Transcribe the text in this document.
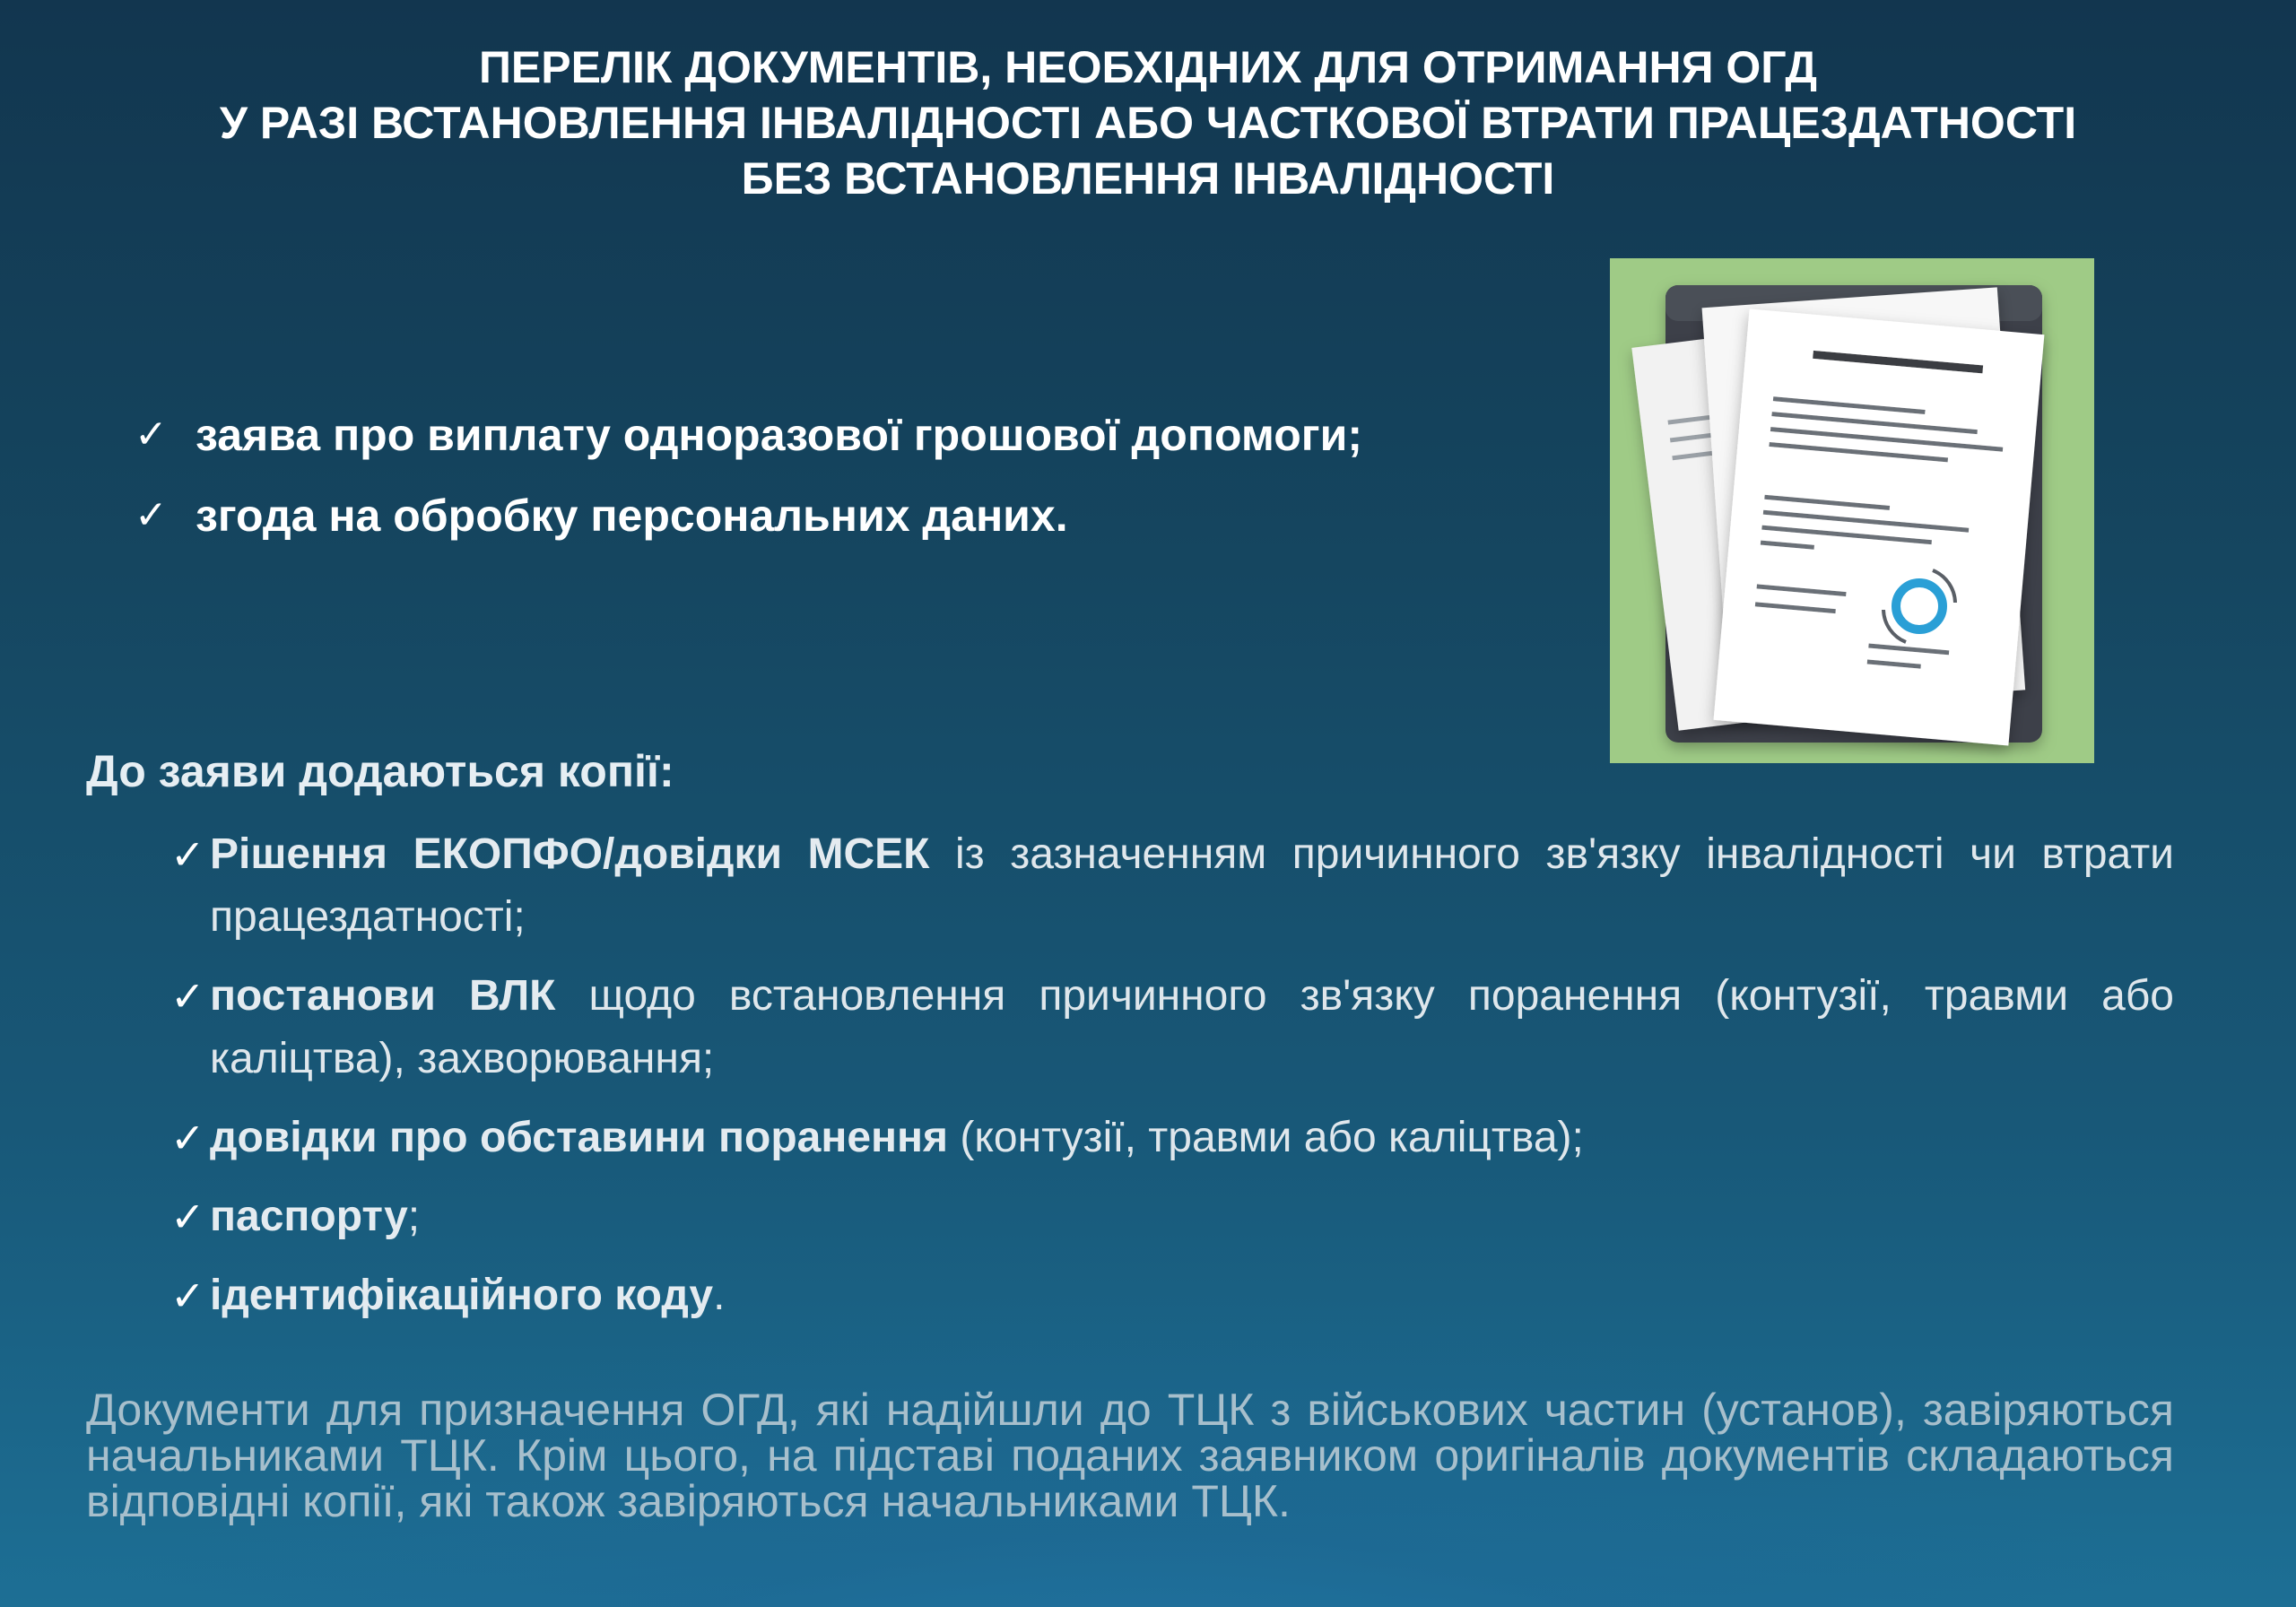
ПЕРЕЛІК ДОКУМЕНТІВ, НЕОБХІДНИХ ДЛЯ ОТРИМАННЯ ОГД
У РАЗІ ВСТАНОВЛЕННЯ ІНВАЛІДНОСТІ АБО ЧАСТКОВОЇ ВТРАТИ ПРАЦЕЗДАТНОСТІ
БЕЗ ВСТАНОВЛЕННЯ ІНВАЛІДНОСТІ
✓ заява про виплату одноразової грошової допомоги;
✓ згода на обробку персональних даних.
До заяви додаються копії:
✓ Рішення ЕКОПФО/довідки МСЕК із зазначенням причинного зв'язку інвалідності чи втрати працездатності;
✓ постанови ВЛК щодо встановлення причинного зв'язку поранення (контузії, травми або каліцтва), захворювання;
✓ довідки про обставини поранення (контузії, травми або каліцтва);
✓ паспорту;
✓ ідентифікаційного коду.
Документи для призначення ОГД, які надійшли до ТЦК з військових частин (установ), завіряються начальниками ТЦК. Крім цього, на підставі поданих заявником оригіналів документів складаються відповідні копії, які також завіряються начальниками ТЦК.
